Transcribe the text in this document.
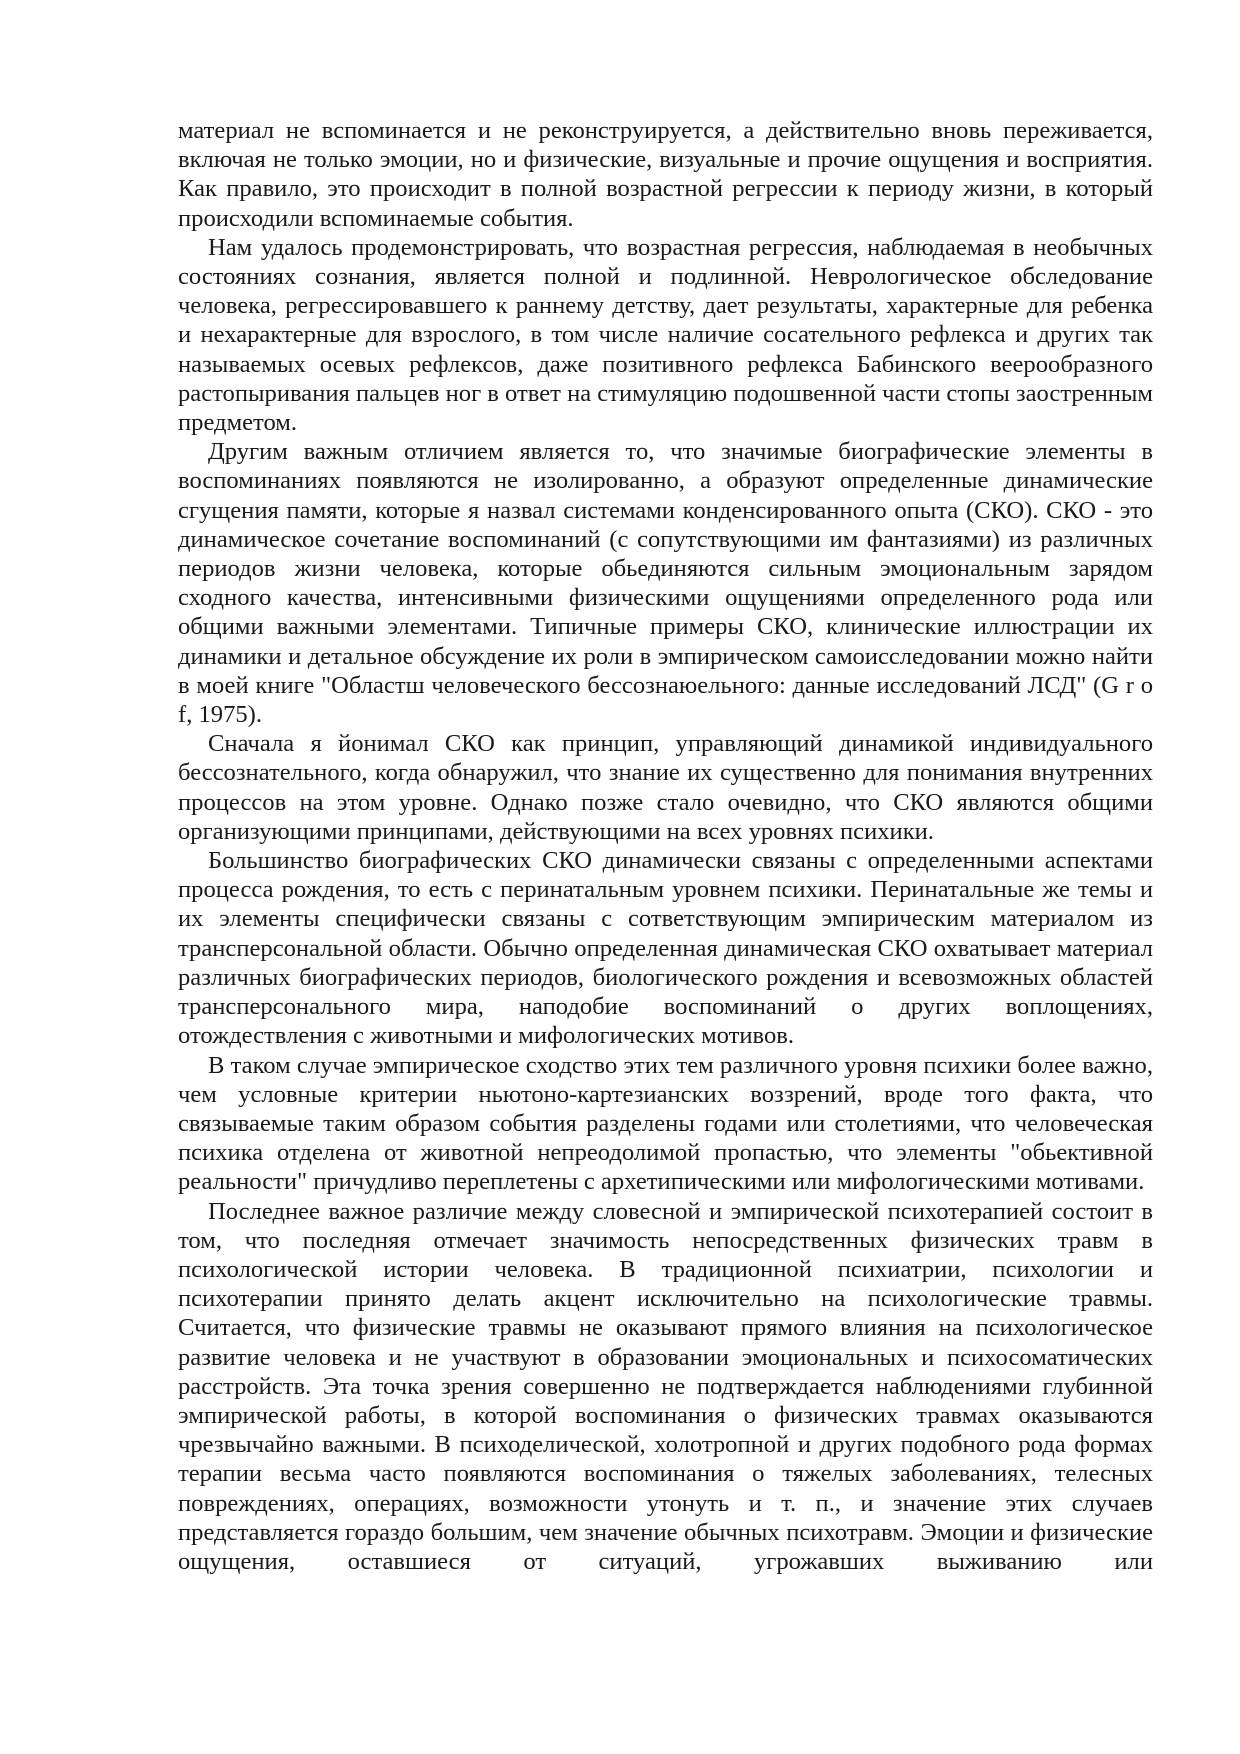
материал не вспоминается и не реконструируется, а действительно вновь переживается, включая не только эмоции, но и физические, визуальные и прочие ощущения и восприятия. Как правило, это происходит в полной возрастной регрессии к периоду жизни, в который происходили вспоминаемые события.

Нам удалось продемонстрировать, что возрастная регрессия, наблюдаемая в необычных состояниях сознания, является полной и подлинной. Неврологическое обследование человека, регрессировавшего к раннему детству, дает результаты, характерные для ребенка и нехарактерные для взрослого, в том числе наличие сосательного рефлекса и других так называемых осевых рефлексов, даже позитивного рефлекса Бабинского веерообразного растопыривания пальцев ног в ответ на стимуляцию подошвенной части стопы заостренным предметом.

Другим важным отличием является то, что значимые биографические элементы в воспоминаниях появляются не изолированно, а образуют определенные динамические сгущения памяти, которые я назвал системами конденсированного опыта (СКО). СКО - это динамическое сочетание воспоминаний (с сопутствующими им фантазиями) из различных периодов жизни человека, которые обьединяются сильным эмоциональным зарядом сходного качества, интенсивными физическими ощущениями определенного рода или общими важными элементами. Типичные примеры СКО, клинические иллюстрации их динамики и детальное обсуждение их роли в эмпирическом самоисследовании можно найти в моей книге "Областш человеческого бессознаюельного: данные исследований ЛСД" (G r o f, 1975).

Сначала я йонимал СКО как принцип, управляющий динамикой индивидуального бессознательного, когда обнаружил, что знание их существенно для понимания внутренних процессов на этом уровне. Однако позже стало очевидно, что СКО являются общими организующими принципами, действующими на всех уровнях психики.

Большинство биографических СКО динамически связаны с определенными аспектами процесса рождения, то есть с перинатальным уровнем психики. Перинатальные же темы и их элементы специфически связаны с сответствующим эмпирическим материалом из трансперсональной области. Обычно определенная динамическая СКО охватывает материал различных биографических периодов, биологического рождения и всевозможных областей трансперсонального мира, наподобие воспоминаний о других воплощениях, отождествления с животными и мифологических мотивов.

В таком случае эмпирическое сходство этих тем различного уровня психики более важно, чем условные критерии ньютоно-картезианских воззрений, вроде того факта, что связываемые таким образом события разделены годами или столетиями, что человеческая психика отделена от животной непреодолимой пропастью, что элементы "обьективной реальности" причудливо переплетены с архетипическими или мифологическими мотивами.

Последнее важное различие между словесной и эмпирической психотерапией состоит в том, что последняя отмечает значимость непосредственных физических травм в психологической истории человека. В традиционной психиатрии, психологии и психотерапии принято делать акцент исключительно на психологические травмы. Считается, что физические травмы не оказывают прямого влияния на психологическое развитие человека и не участвуют в образовании эмоциональных и психосоматических расстройств. Эта точка зрения совершенно не подтверждается наблюдениями глубинной эмпирической работы, в которой воспоминания о физических травмах оказываются чрезвычайно важными. В психоделической, холотропной и других подобного рода формах терапии весьма часто появляются воспоминания о тяжелых заболеваниях, телесных повреждениях, операциях, возможности утонуть и т. п., и значение этих случаев представляется гораздо большим, чем значение обычных психотравм. Эмоции и физические ощущения, оставшиеся от ситуаций, угрожавших выживанию или
